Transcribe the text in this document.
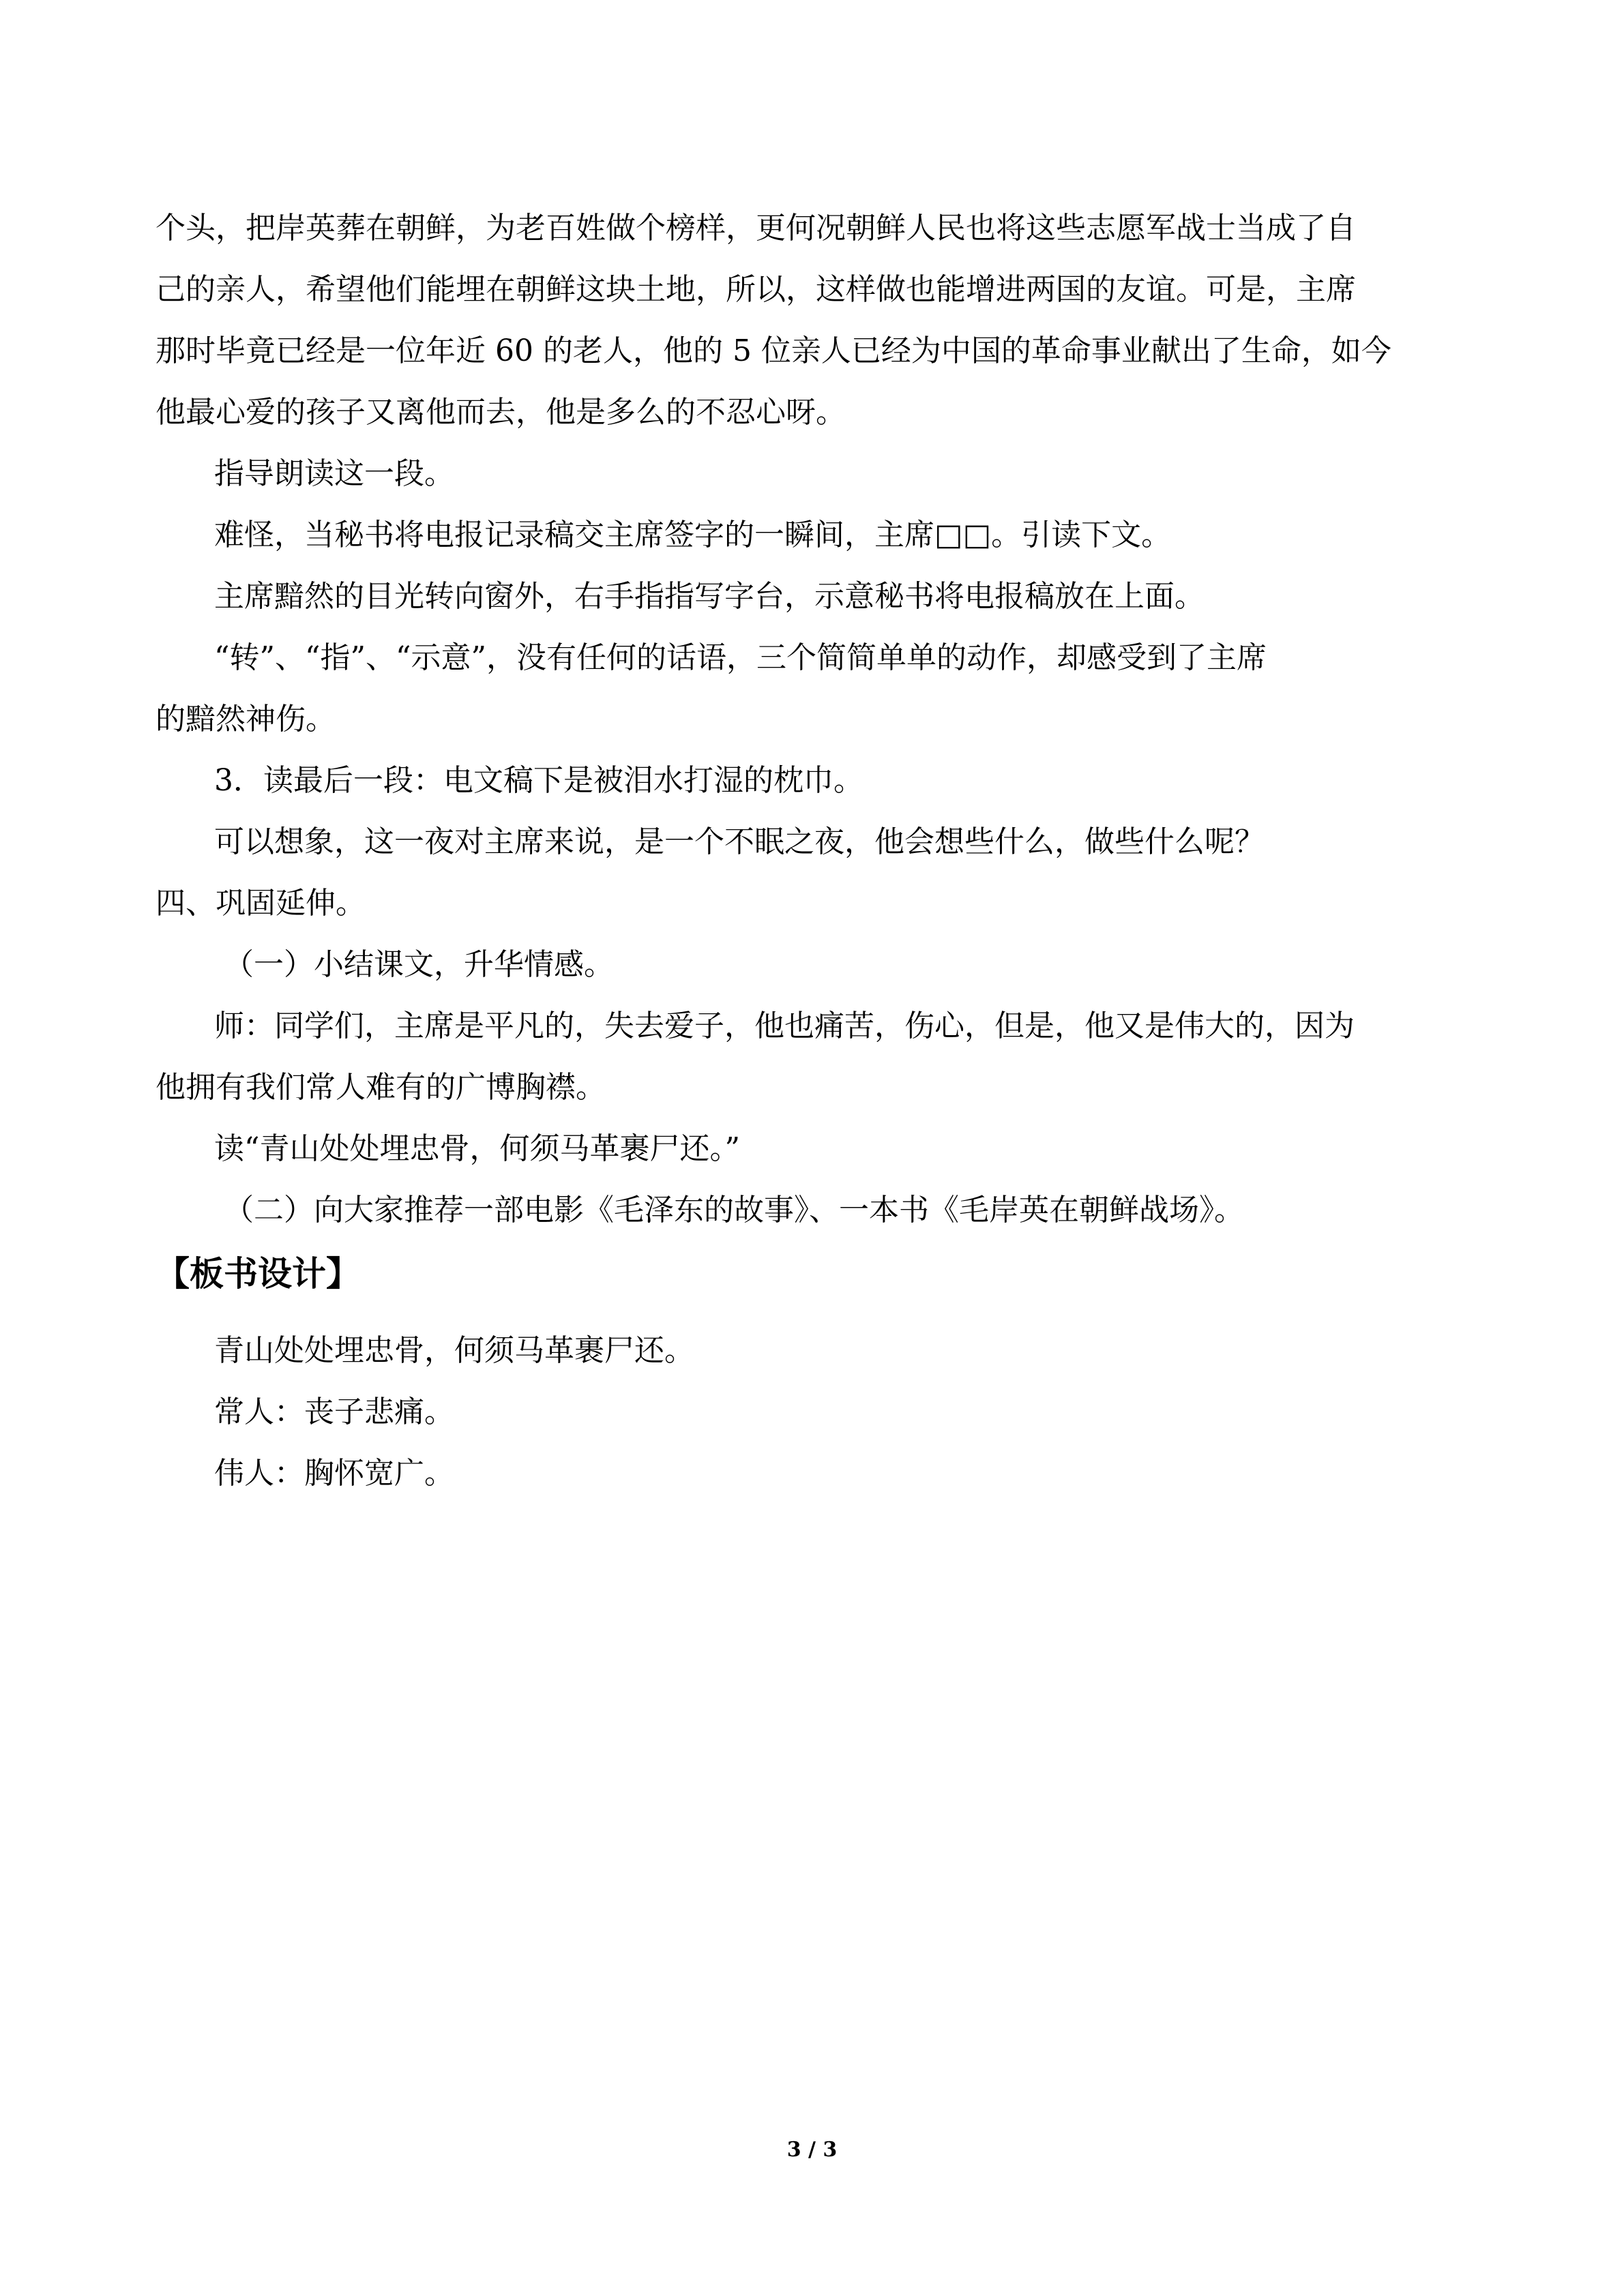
个头，把岸英葬在朝鲜，为老百姓做个榜样，更何况朝鲜人民也将这些志愿军战士当成了自
己的亲人，希望他们能埋在朝鲜这块土地，所以，这样做也能增进两国的友谊。可是，主席
那时毕竟已经是一位年近 60 的老人，他的 5 位亲人已经为中国的革命事业献出了生命，如今
他最心爱的孩子又离他而去，他是多么的不忍心呀。
指导朗读这一段。
难怪，当秘书将电报记录稿交主席签字的一瞬间，主席□□。引读下文。
主席黯然的目光转向窗外，右手指指写字台，示意秘书将电报稿放在上面。
“转”、“指”、“示意”，没有任何的话语，三个简简单单的动作，却感受到了主席
的黯然神伤。
3．读最后一段：电文稿下是被泪水打湿的枕巾。
可以想象，这一夜对主席来说，是一个不眠之夜，他会想些什么，做些什么呢？
四、巩固延伸。
（一）小结课文，升华情感。
师：同学们，主席是平凡的，失去爱子，他也痛苦，伤心，但是，他又是伟大的，因为
他拥有我们常人难有的广博胸襟。
读“青山处处埋忠骨，何须马革裹尸还。”
（二）向大家推荐一部电影《毛泽东的故事》、一本书《毛岸英在朝鲜战场》。
【板书设计】
青山处处埋忠骨，何须马革裹尸还。
常人：丧子悲痛。
伟人：胸怀宽广。
3 / 3
